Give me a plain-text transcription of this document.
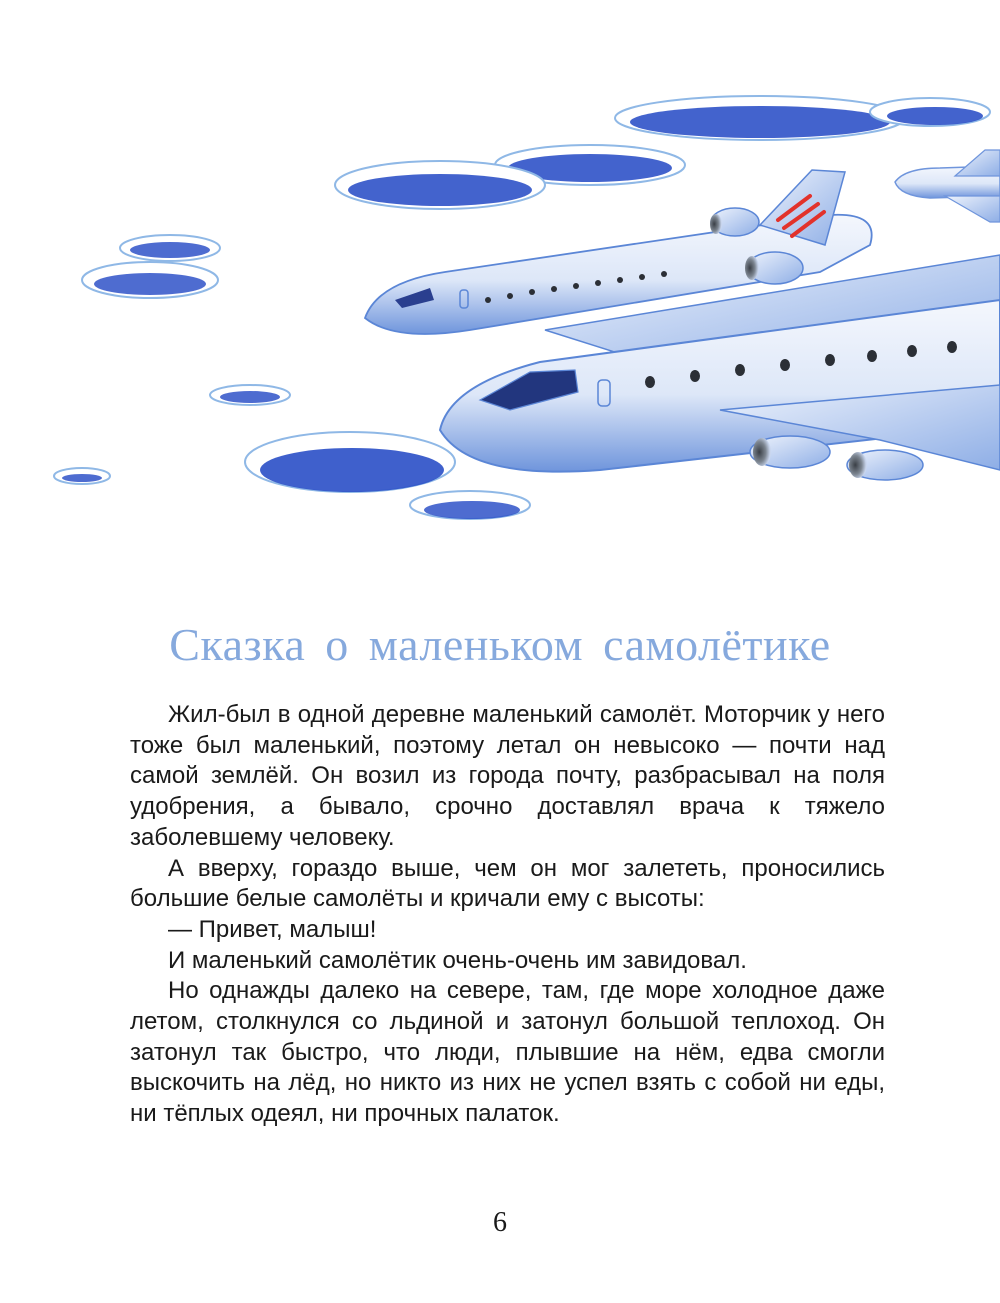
Сказка о маленьком самолётике

Жил-был в одной деревне маленький самолёт. Моторчик у него тоже был маленький, поэтому летал он невысоко — почти над самой землёй. Он возил из города почту, разбрасывал на поля удобрения, а бывало, срочно доставлял врача к тяжело заболевшему человеку.

А вверху, гораздо выше, чем он мог залететь, проносились большие белые самолёты и кричали ему с высоты:

— Привет, малыш!

И маленький самолётик очень-очень им завидовал.

Но однажды далеко на севере, там, где море холодное даже летом, столкнулся со льдиной и затонул большой теплоход. Он затонул так быстро, что люди, плывшие на нём, едва смогли выскочить на лёд, но никто из них не успел взять с собой ни еды, ни тёплых одеял, ни прочных палаток.

6
